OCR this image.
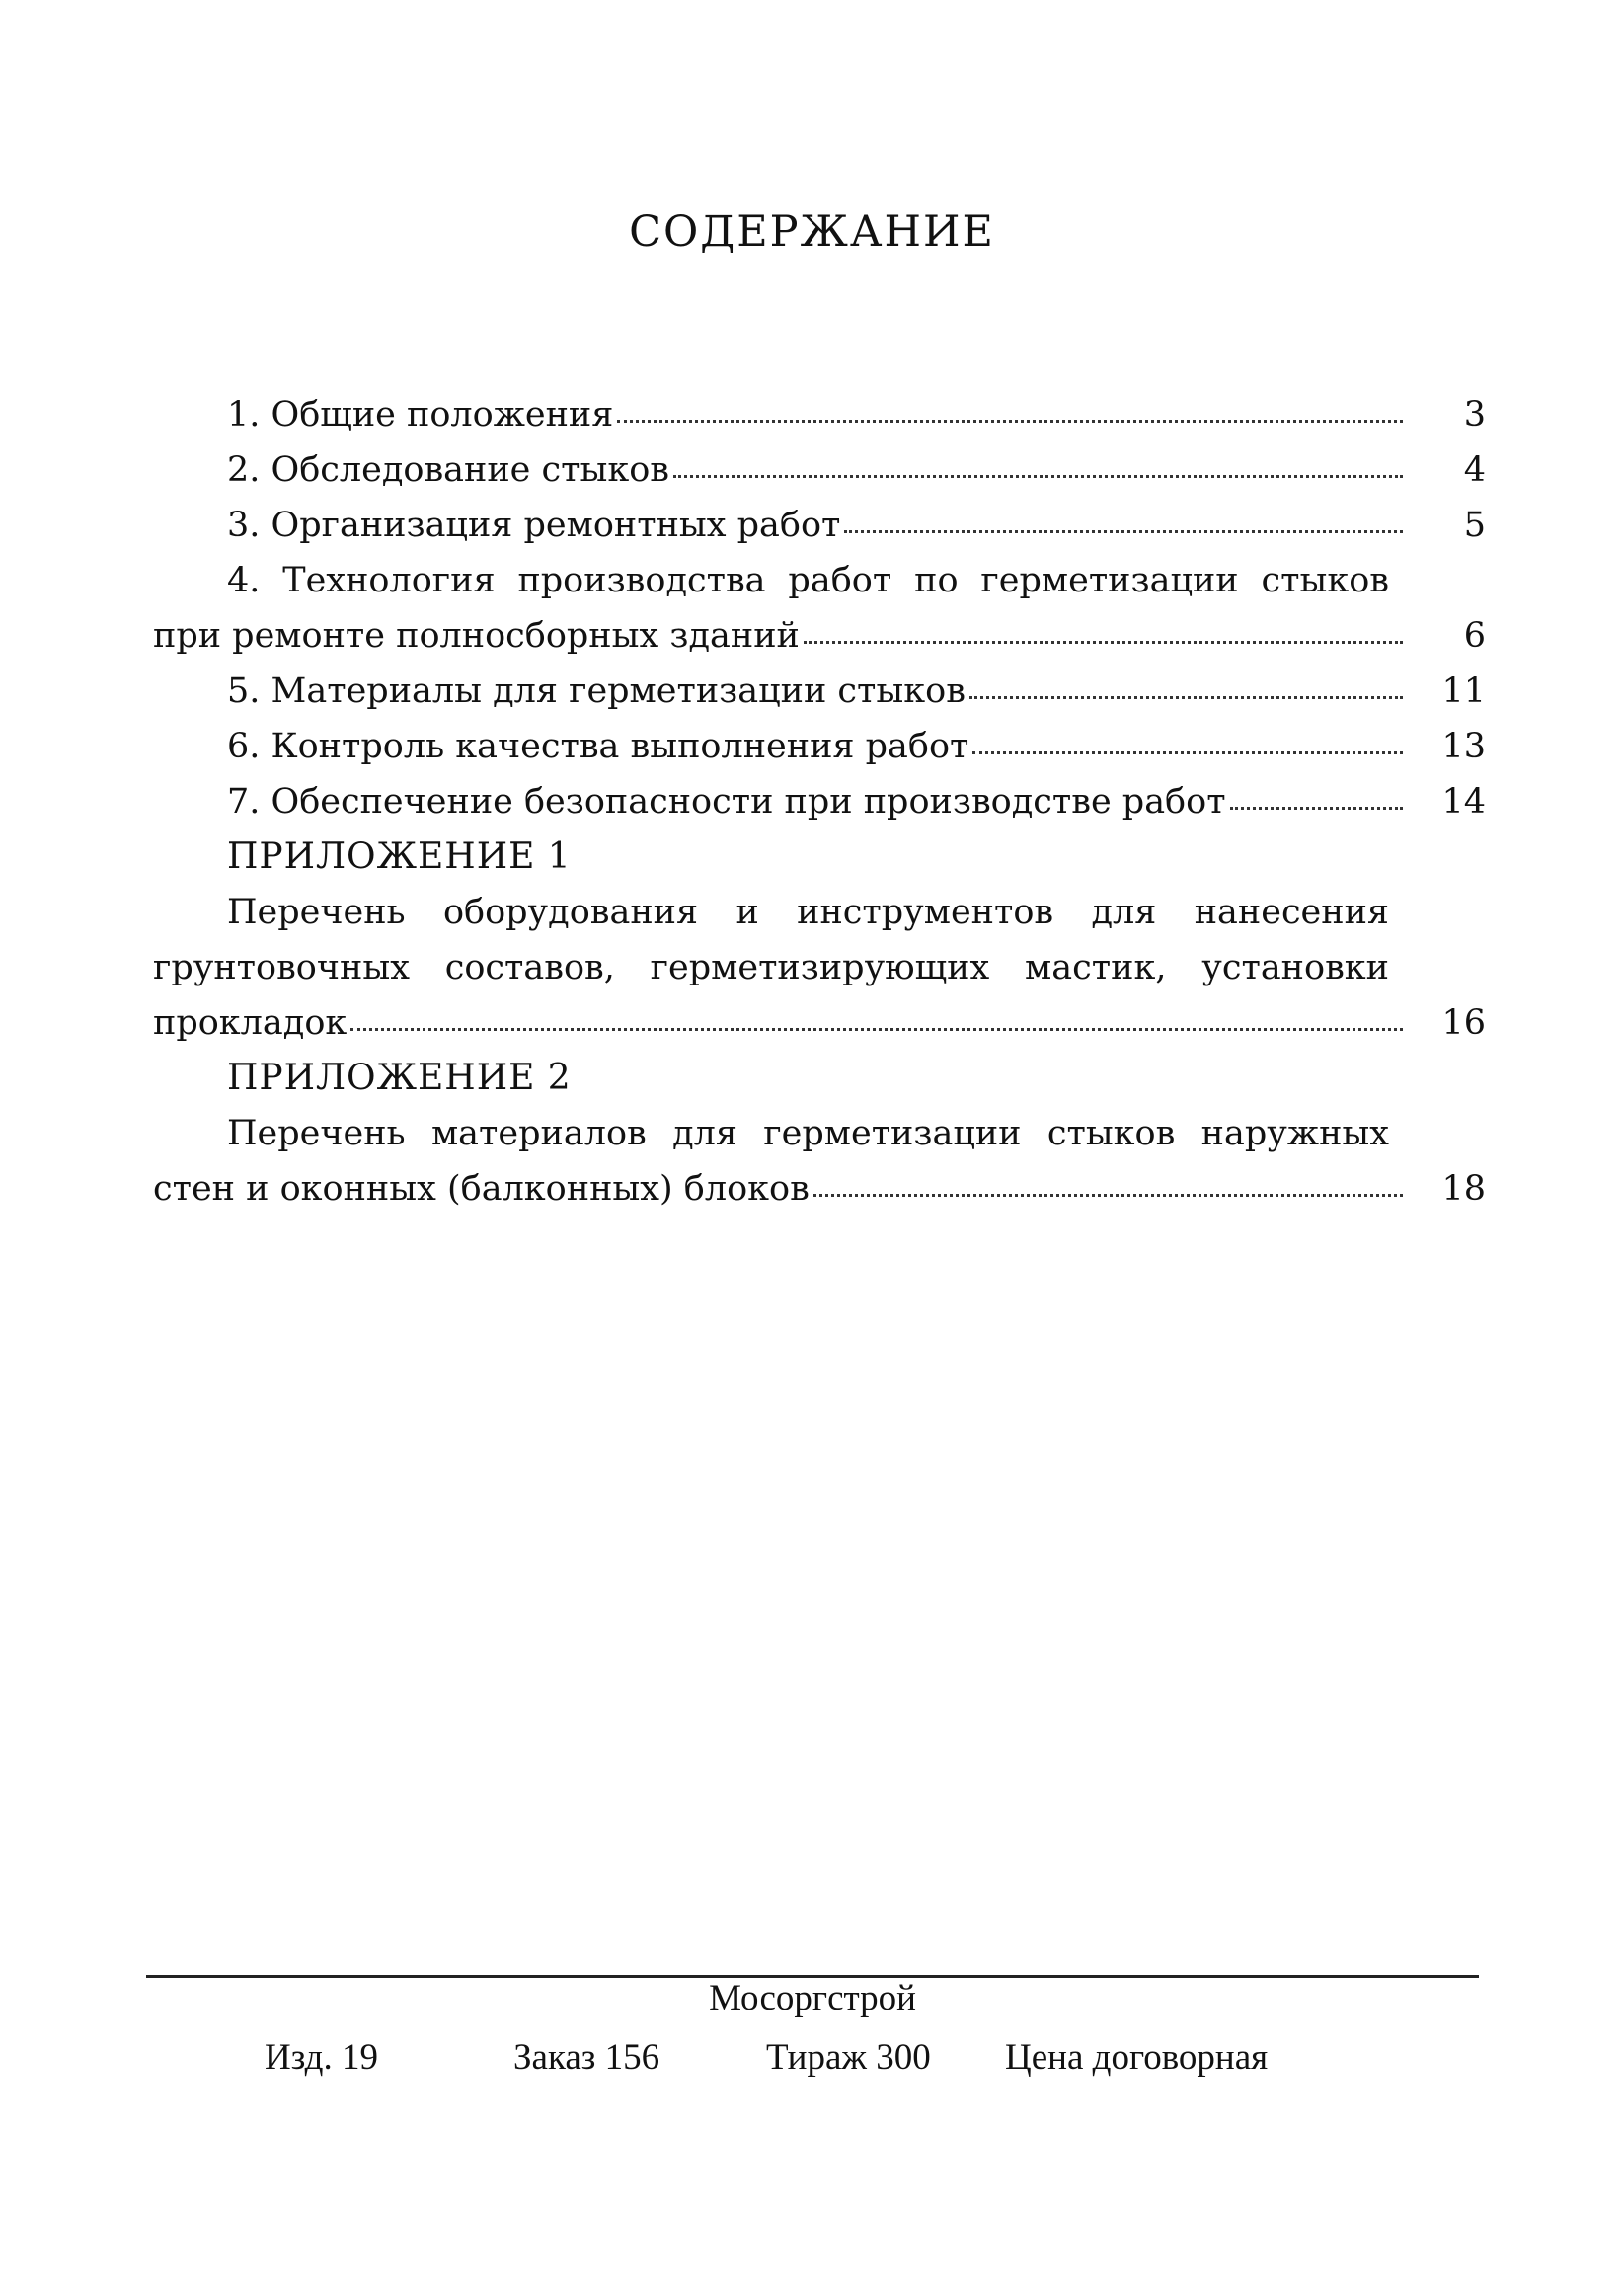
СОДЕРЖАНИЕ
1. Общие положения	3
2. Обследование стыков	4
3. Организация ремонтных работ	5
4. Технология производства работ по герметизации стыков
при ремонте полносборных зданий	6
5. Материалы для герметизации стыков	11
6. Контроль качества выполнения работ	13
7. Обеспечение безопасности при производстве работ	14
ПРИЛОЖЕНИЕ 1
Перечень оборудования и инструментов для нанесения
грунтовочных составов, герметизирующих мастик, установки
прокладок	16
ПРИЛОЖЕНИЕ 2
Перечень материалов для герметизации стыков наружных
стен и оконных (балконных) блоков	18
Мосоргстрой
Изд. 19	Заказ 156	Тираж 300 Цена договорная
